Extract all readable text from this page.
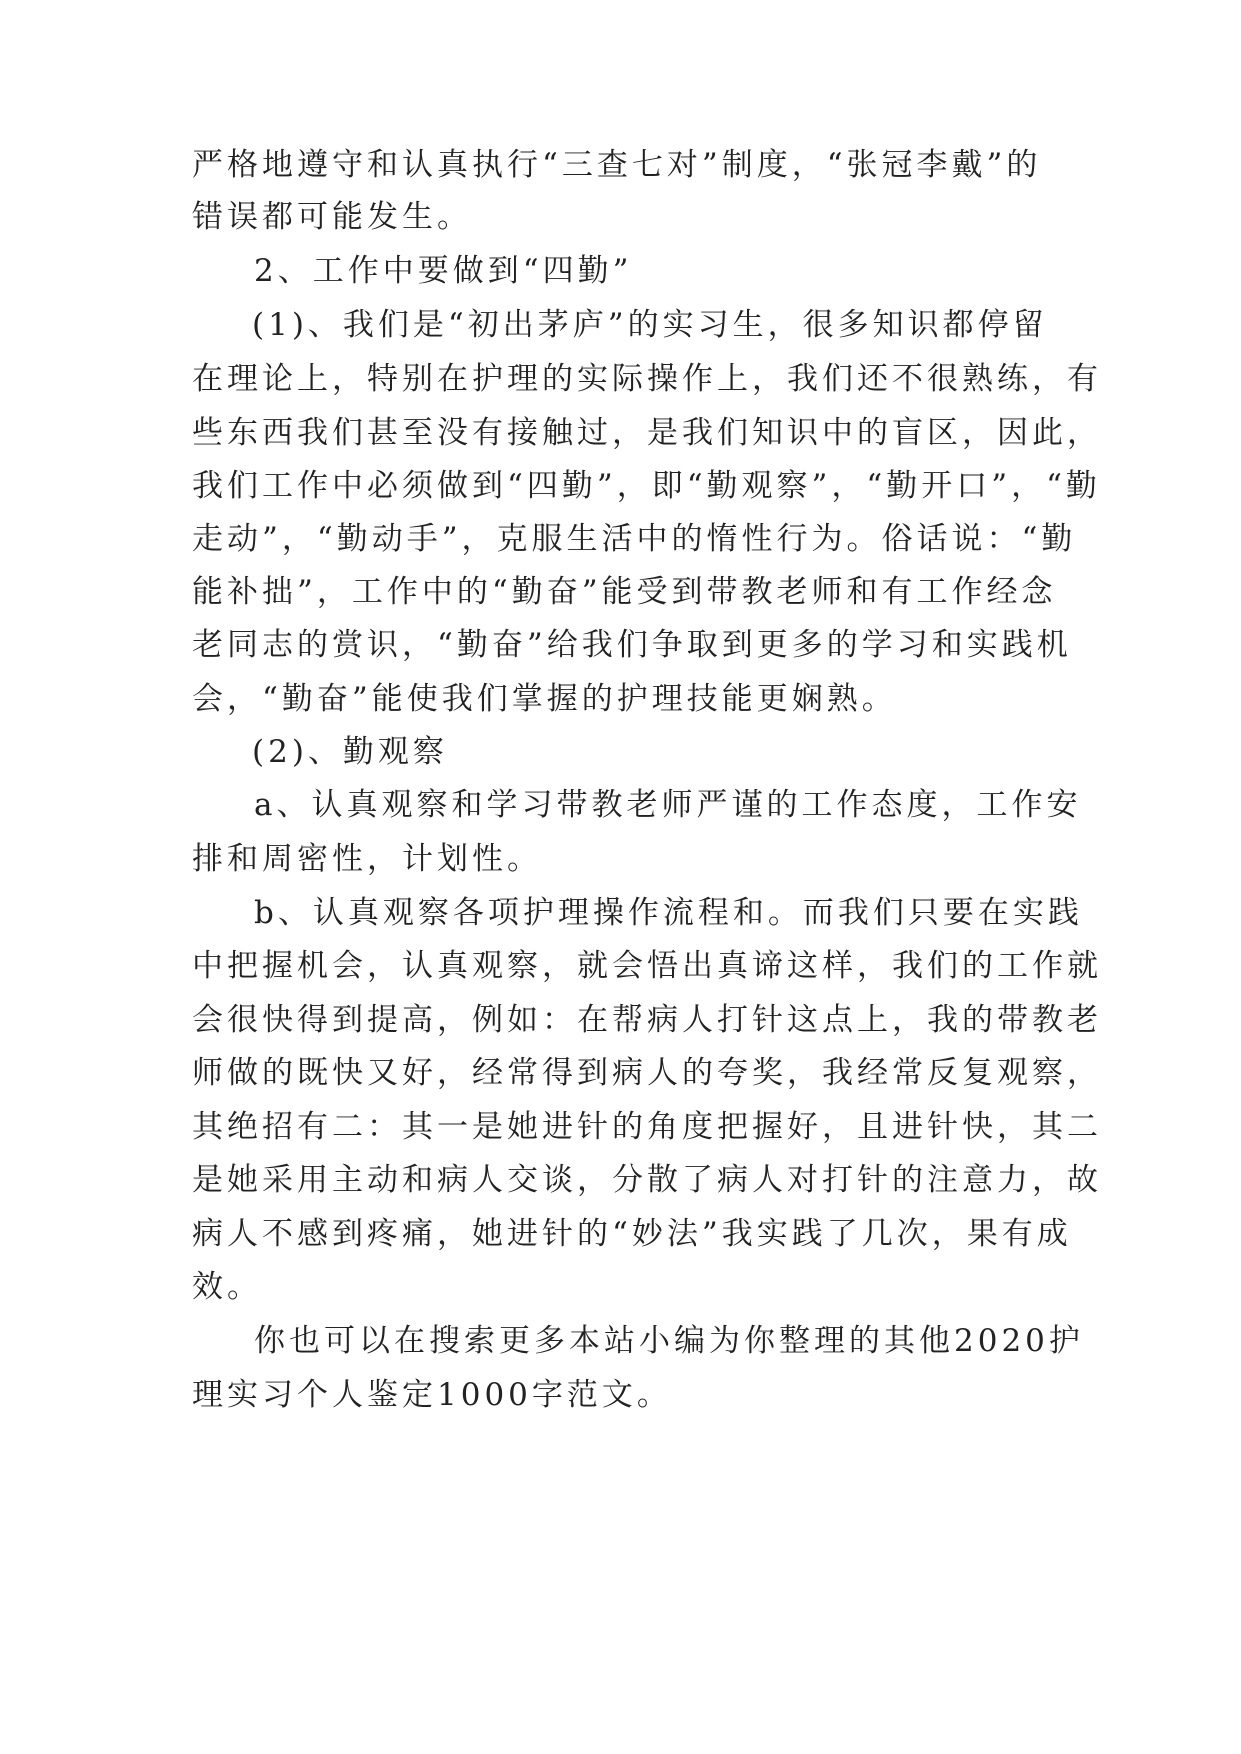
严格地遵守和认真执行“三查七对”制度，“张冠李戴”的
错误都可能发生。
2、工作中要做到“四勤”
(1)、我们是“初出茅庐”的实习生，很多知识都停留
在理论上，特别在护理的实际操作上，我们还不很熟练，有
些东西我们甚至没有接触过，是我们知识中的盲区，因此，
我们工作中必须做到“四勤”，即“勤观察”，“勤开口”，“勤
走动”，“勤动手”，克服生活中的惰性行为。俗话说：“勤
能补拙”，工作中的“勤奋”能受到带教老师和有工作经念
老同志的赏识，“勤奋”给我们争取到更多的学习和实践机
会，“勤奋”能使我们掌握的护理技能更娴熟。
(2)、勤观察
a、认真观察和学习带教老师严谨的工作态度，工作安
排和周密性，计划性。
b、认真观察各项护理操作流程和。而我们只要在实践
中把握机会，认真观察，就会悟出真谛这样，我们的工作就
会很快得到提高，例如：在帮病人打针这点上，我的带教老
师做的既快又好，经常得到病人的夸奖，我经常反复观察，
其绝招有二：其一是她进针的角度把握好，且进针快，其二
是她采用主动和病人交谈，分散了病人对打针的注意力，故
病人不感到疼痛，她进针的“妙法”我实践了几次，果有成
效。
你也可以在搜索更多本站小编为你整理的其他2020护
理实习个人鉴定1000字范文。
